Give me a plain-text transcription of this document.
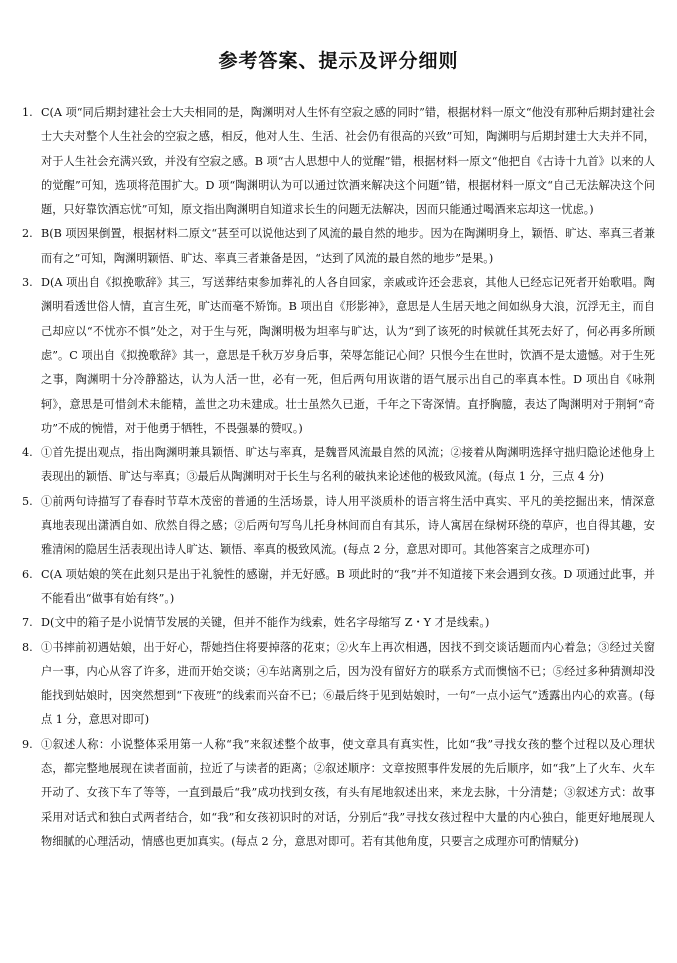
参考答案、提示及评分细则
1. C(A 项“同后期封建社会士大夫相同的是，陶渊明对人生怀有空寂之感的同时”错，根据材料一原文“他没有那种后期封建社会士大夫对整个人生社会的空寂之感，相反，他对人生、生活、社会仍有很高的兴致”可知，陶渊明与后期封建士大夫并不同，对于人生社会充满兴致，并没有空寂之感。B 项“古人思想中人的觉醒”错，根据材料一原文“他把自《古诗十九首》以来的人的觉醒”可知，选项将范围扩大。D 项“陶渊明认为可以通过饮酒来解决这个问题”错，根据材料一原文“自己无法解决这个问题，只好靠饮酒忘忧”可知，原文指出陶渊明自知道求长生的问题无法解决，因而只能通过喝酒来忘却这一忧虑。)
2. B(B 项因果倒置，根据材料二原文“甚至可以说他达到了风流的最自然的地步。因为在陶渊明身上，颖悟、旷达、率真三者兼而有之”可知，陶渊明颖悟、旷达、率真三者兼备是因，“达到了风流的最自然的地步”是果。)
3. D(A 项出自《拟挽歌辞》其三，写送葬结束参加葬礼的人各自回家，亲戚或许还会悲哀，其他人已经忘记死者开始歌唱。陶渊明看透世俗人情，直言生死，旷达而毫不矫饰。B 项出自《形影神》，意思是人生居天地之间如纵身大浪，沉浮无主，而自己却应以“不忧亦不惧”处之，对于生与死，陶渊明极为坦率与旷达，认为“到了该死的时候就任其死去好了，何必再多所顾虑”。C 项出自《拟挽歌辞》其一，意思是千秋万岁身后事，荣辱怎能记心间？只恨今生在世时，饮酒不是太遗憾。对于生死之事，陶渊明十分冷静豁达，认为人活一世，必有一死，但后两句用诙谐的语气展示出自己的率真本性。D 项出自《咏荆轲》，意思是可惜剑术未能精，盖世之功未建成。壮士虽然久已逝，千年之下寄深情。直抒胸臆，表达了陶渊明对于荆轲“奇功”不成的惋惜，对于他勇于牺牲，不畏强暴的赞叹。)
4. ①首先提出观点，指出陶渊明兼具颖悟、旷达与率真，是魏晋风流最自然的风流；②接着从陶渊明选择守拙归隐论述他身上表现出的颖悟、旷达与率真；③最后从陶渊明对于长生与名利的破执来论述他的极致风流。(每点 1 分，三点 4 分)
5. ①前两句诗描写了春春时节草木茂密的普通的生活场景，诗人用平淡质朴的语言将生活中真实、平凡的美挖掘出来，情深意真地表现出潇洒自如、欣然自得之感；②后两句写鸟儿托身林间而自有其乐，诗人寓居在绿树环绕的草庐，也自得其趣，安雅清闲的隐居生活表现出诗人旷达、颖悟、率真的极致风流。(每点 2 分，意思对即可。其他答案言之成理亦可)
6. C(A 项姑娘的笑在此刻只是出于礼貌性的感谢，并无好感。B 项此时的“我”并不知道接下来会遇到女孩。D 项通过此事，并不能看出“做事有始有终”。)
7. D(文中的箱子是小说情节发展的关键，但并不能作为线索，姓名字母缩写 Z・Y 才是线索。)
8. ①书摔前初遇姑娘，出于好心，帮她挡住将要掉落的花束；②火车上再次相遇，因找不到交谈话题而内心着急；③经过关窗户一事，内心从容了许多，进而开始交谈；④车站离别之后，因为没有留好方的联系方式而懊恼不已；⑤经过多种猜测却没能找到姑娘时，因突然想到“下夜班”的线索而兴奋不已；⑥最后终于见到姑娘时，一句“一点小运气”透露出内心的欢喜。(每点 1 分，意思对即可)
9. ①叙述人称：小说整体采用第一人称“我”来叙述整个故事，使文章具有真实性，比如“我”寻找女孩的整个过程以及心理状态，都完整地展现在读者面前，拉近了与读者的距离；②叙述顺序：文章按照事件发展的先后顺序，如“我”上了火车、火车开动了、女孩下车了等等，一直到最后“我”成功找到女孩，有头有尾地叙述出来，来龙去脉，十分清楚；③叙述方式：故事采用对话式和独白式两者结合，如“我”和女孩初识时的对话，分别后“我”寻找女孩过程中大量的内心独白，能更好地展现人物细腻的心理活动，情感也更加真实。(每点 2 分，意思对即可。若有其他角度，只要言之成理亦可酌情赋分)
